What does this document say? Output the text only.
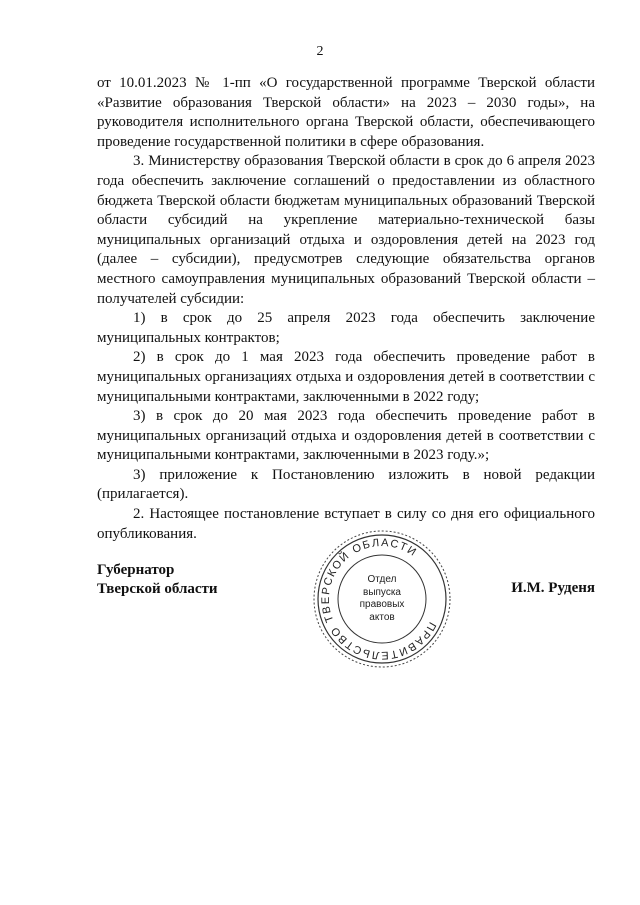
2

от 10.01.2023 № 1-пп «О государственной программе Тверской области «Развитие образования Тверской области» на 2023 – 2030 годы», на руководителя исполнительного органа Тверской области, обеспечивающего проведение государственной политики в сфере образования.

3. Министерству образования Тверской области в срок до 6 апреля 2023 года обеспечить заключение соглашений о предоставлении из областного бюджета Тверской области бюджетам муниципальных образований Тверской области субсидий на укрепление материально-технической базы муниципальных организаций отдыха и оздоровления детей на 2023 год (далее – субсидии), предусмотрев следующие обязательства органов местного самоуправления муниципальных образований Тверской области – получателей субсидии:

1) в срок до 25 апреля 2023 года обеспечить заключение муниципальных контрактов;

2) в срок до 1 мая 2023 года обеспечить проведение работ в муниципальных организациях отдыха и оздоровления детей в соответствии с муниципальными контрактами, заключенными в 2022 году;

3) в срок до 20 мая 2023 года обеспечить проведение работ в муниципальных организаций отдыха и оздоровления детей в соответствии с муниципальными контрактами, заключенными в 2023 году.»;

3) приложение к Постановлению изложить в новой редакции (прилагается).

2. Настоящее постановление вступает в силу со дня его официального опубликования.

Губернатор
Тверской области
ПРАВИТЕЛЬСТВО ТВЕРСКОЙ ОБЛАСТИ
Отдел
выпуска
правовых
актов
И.М. Руденя
